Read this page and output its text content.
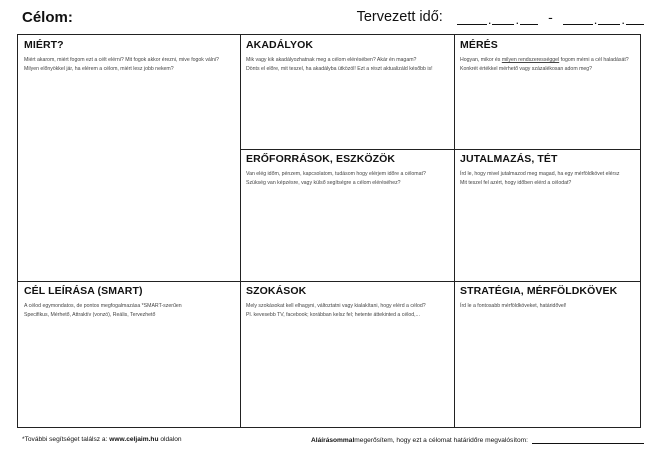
Célom:	Tervezett idő:	. . -	. .
MIÉRT?
Miért akarom, miért fogom ezt a célt elérni? Mit fogok akkor érezni, mive fogok válni?
Milyen előnyökkel jár, ha elérem a célom, miért lesz jobb nekem?
AKADÁLYOK
Mik vagy kik akadályozhatnak meg a célom elérésében? Akár én magam?
Dönts el előre, mit teszel, ha akadályba ütközöl! Ezt a részt aktualizáld később is!
MÉRÉS
Hogyan, mikor és milyen rendszerességgel fogom mérni a cél haladását?
Konkrét értékkel mérhető vagy százalékosan adom meg?
ERŐFORRÁSOK, ESZKÖZÖK
Van elég időm, pénzem, kapcsolatom, tudásom hogy elérjem időre a célomat?
Szükség van képzésre, vagy külső segítségre a célom eléréséhez?
JUTALMAZÁS, TÉT
Írd le, hogy mivel jutalmazod meg magad, ha egy mérföldkövet elérsz
Mit teszel fel azért, hogy időben elérd a célodat?
CÉL LEÍRÁSA (SMART)
A célod egymondatos, de pontos megfogalmazása *SMART-szerűen
Specifikus, Mérhető, Attraktív (vonzó), Reális, Tervezhető
SZOKÁSOK
Mely szokásokat kell elhagyni, változtatni vagy kialakítani, hogy elérd a célod?
Pl. kevesebb TV, facebook; korábban kelsz fel; hetente áttekinted a célod,...
STRATÉGIA, MÉRFÖLDKÖVEK
Írd le a fontosabb mérföldköveket, határidővel!
*További segítséget találsz a: www.celjaim.hu oldalon	Aláírásommal megerősítem, hogy ezt a célomat határidőre megvalósítom:
